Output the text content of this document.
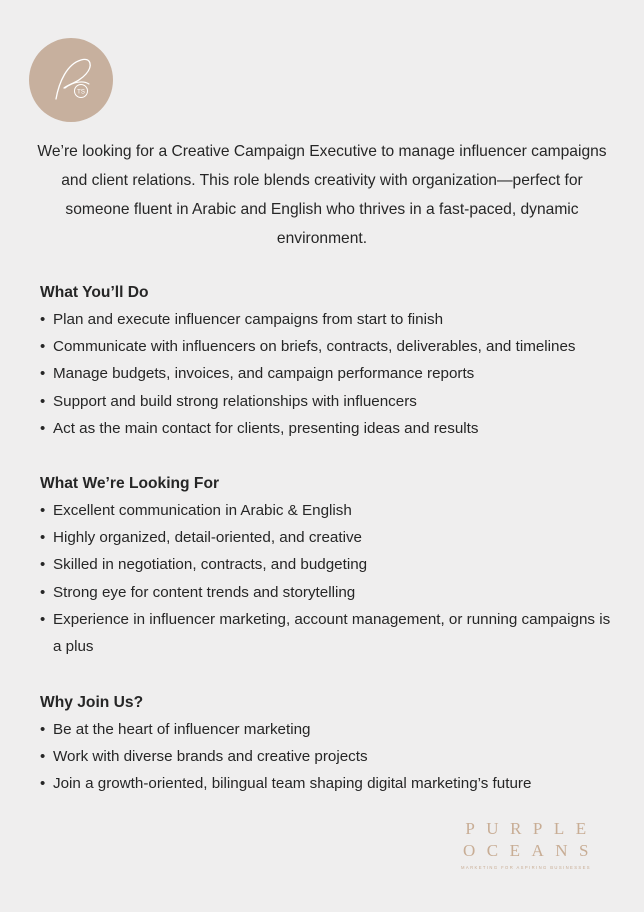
TS

We’re looking for a Creative Campaign Executive to manage influencer campaigns and client relations. This role blends creativity with organization—perfect for someone fluent in Arabic and English who thrives in a fast-paced, dynamic environment.

What You’ll Do
• Plan and execute influencer campaigns from start to finish
• Communicate with influencers on briefs, contracts, deliverables, and timelines
• Manage budgets, invoices, and campaign performance reports
• Support and build strong relationships with influencers
• Act as the main contact for clients, presenting ideas and results
What We’re Looking For
• Excellent communication in Arabic & English
• Highly organized, detail-oriented, and creative
• Skilled in negotiation, contracts, and budgeting
• Strong eye for content trends and storytelling
• Experience in influencer marketing, account management, or running campaigns is a plus
Why Join Us?
• Be at the heart of influencer marketing
• Work with diverse brands and creative projects
• Join a growth-oriented, bilingual team shaping digital marketing’s future
PURPLE
OCEANS
MARKETING FOR ASPIRING BUSINESSES
